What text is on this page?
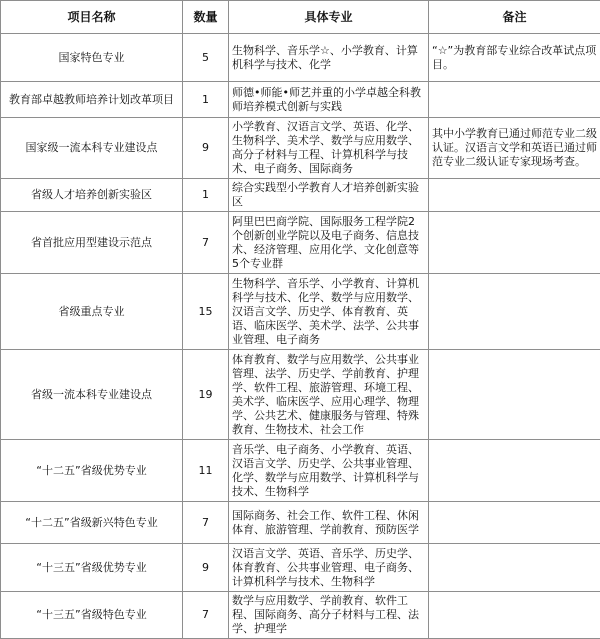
项目名称	数量	具体专业	备注
国家特色专业	5	生物科学、音乐学☆、小学教育、计算机科学与技术、化学	“☆”为教育部专业综合改革试点项目。
教育部卓越教师培养计划改革项目	1	师德•师能•师艺并重的小学卓越全科教师培养模式创新与实践	
国家级一流本科专业建设点	9	小学教育、汉语言文学、英语、化学、生物科学、美术学、数学与应用数学、高分子材料与工程、计算机科学与技术、电子商务、国际商务	其中小学教育已通过师范专业二级认证。汉语言文学和英语已通过师范专业二级认证专家现场考查。
省级人才培养创新实验区	1	综合实践型小学教育人才培养创新实验区	
省首批应用型建设示范点	7	阿里巴巴商学院、国际服务工程学院2个创新创业学院以及电子商务、信息技术、经济管理、应用化学、文化创意等5个专业群	
省级重点专业	15	生物科学、音乐学、小学教育、计算机科学与技术、化学、数学与应用数学、汉语言文学、历史学、体育教育、英语、临床医学、美术学、法学、公共事业管理、电子商务	
省级一流本科专业建设点	19	体育教育、数学与应用数学、公共事业管理、法学、历史学、学前教育、护理学、软件工程、旅游管理、环境工程、美术学、临床医学、应用心理学、物理学、公共艺术、健康服务与管理、特殊教育、生物技术、社会工作	
“十二五”省级优势专业	11	音乐学、电子商务、小学教育、英语、汉语言文学、历史学、公共事业管理、化学、数学与应用数学、计算机科学与技术、生物科学	
“十二五”省级新兴特色专业	7	国际商务、社会工作、软件工程、休闲体育、旅游管理、学前教育、预防医学	
“十三五”省级优势专业	9	汉语言文学、英语、音乐学、历史学、体育教育、公共事业管理、电子商务、计算机科学与技术、生物科学	
“十三五”省级特色专业	7	数学与应用数学、学前教育、软件工程、国际商务、高分子材料与工程、法学、护理学	
